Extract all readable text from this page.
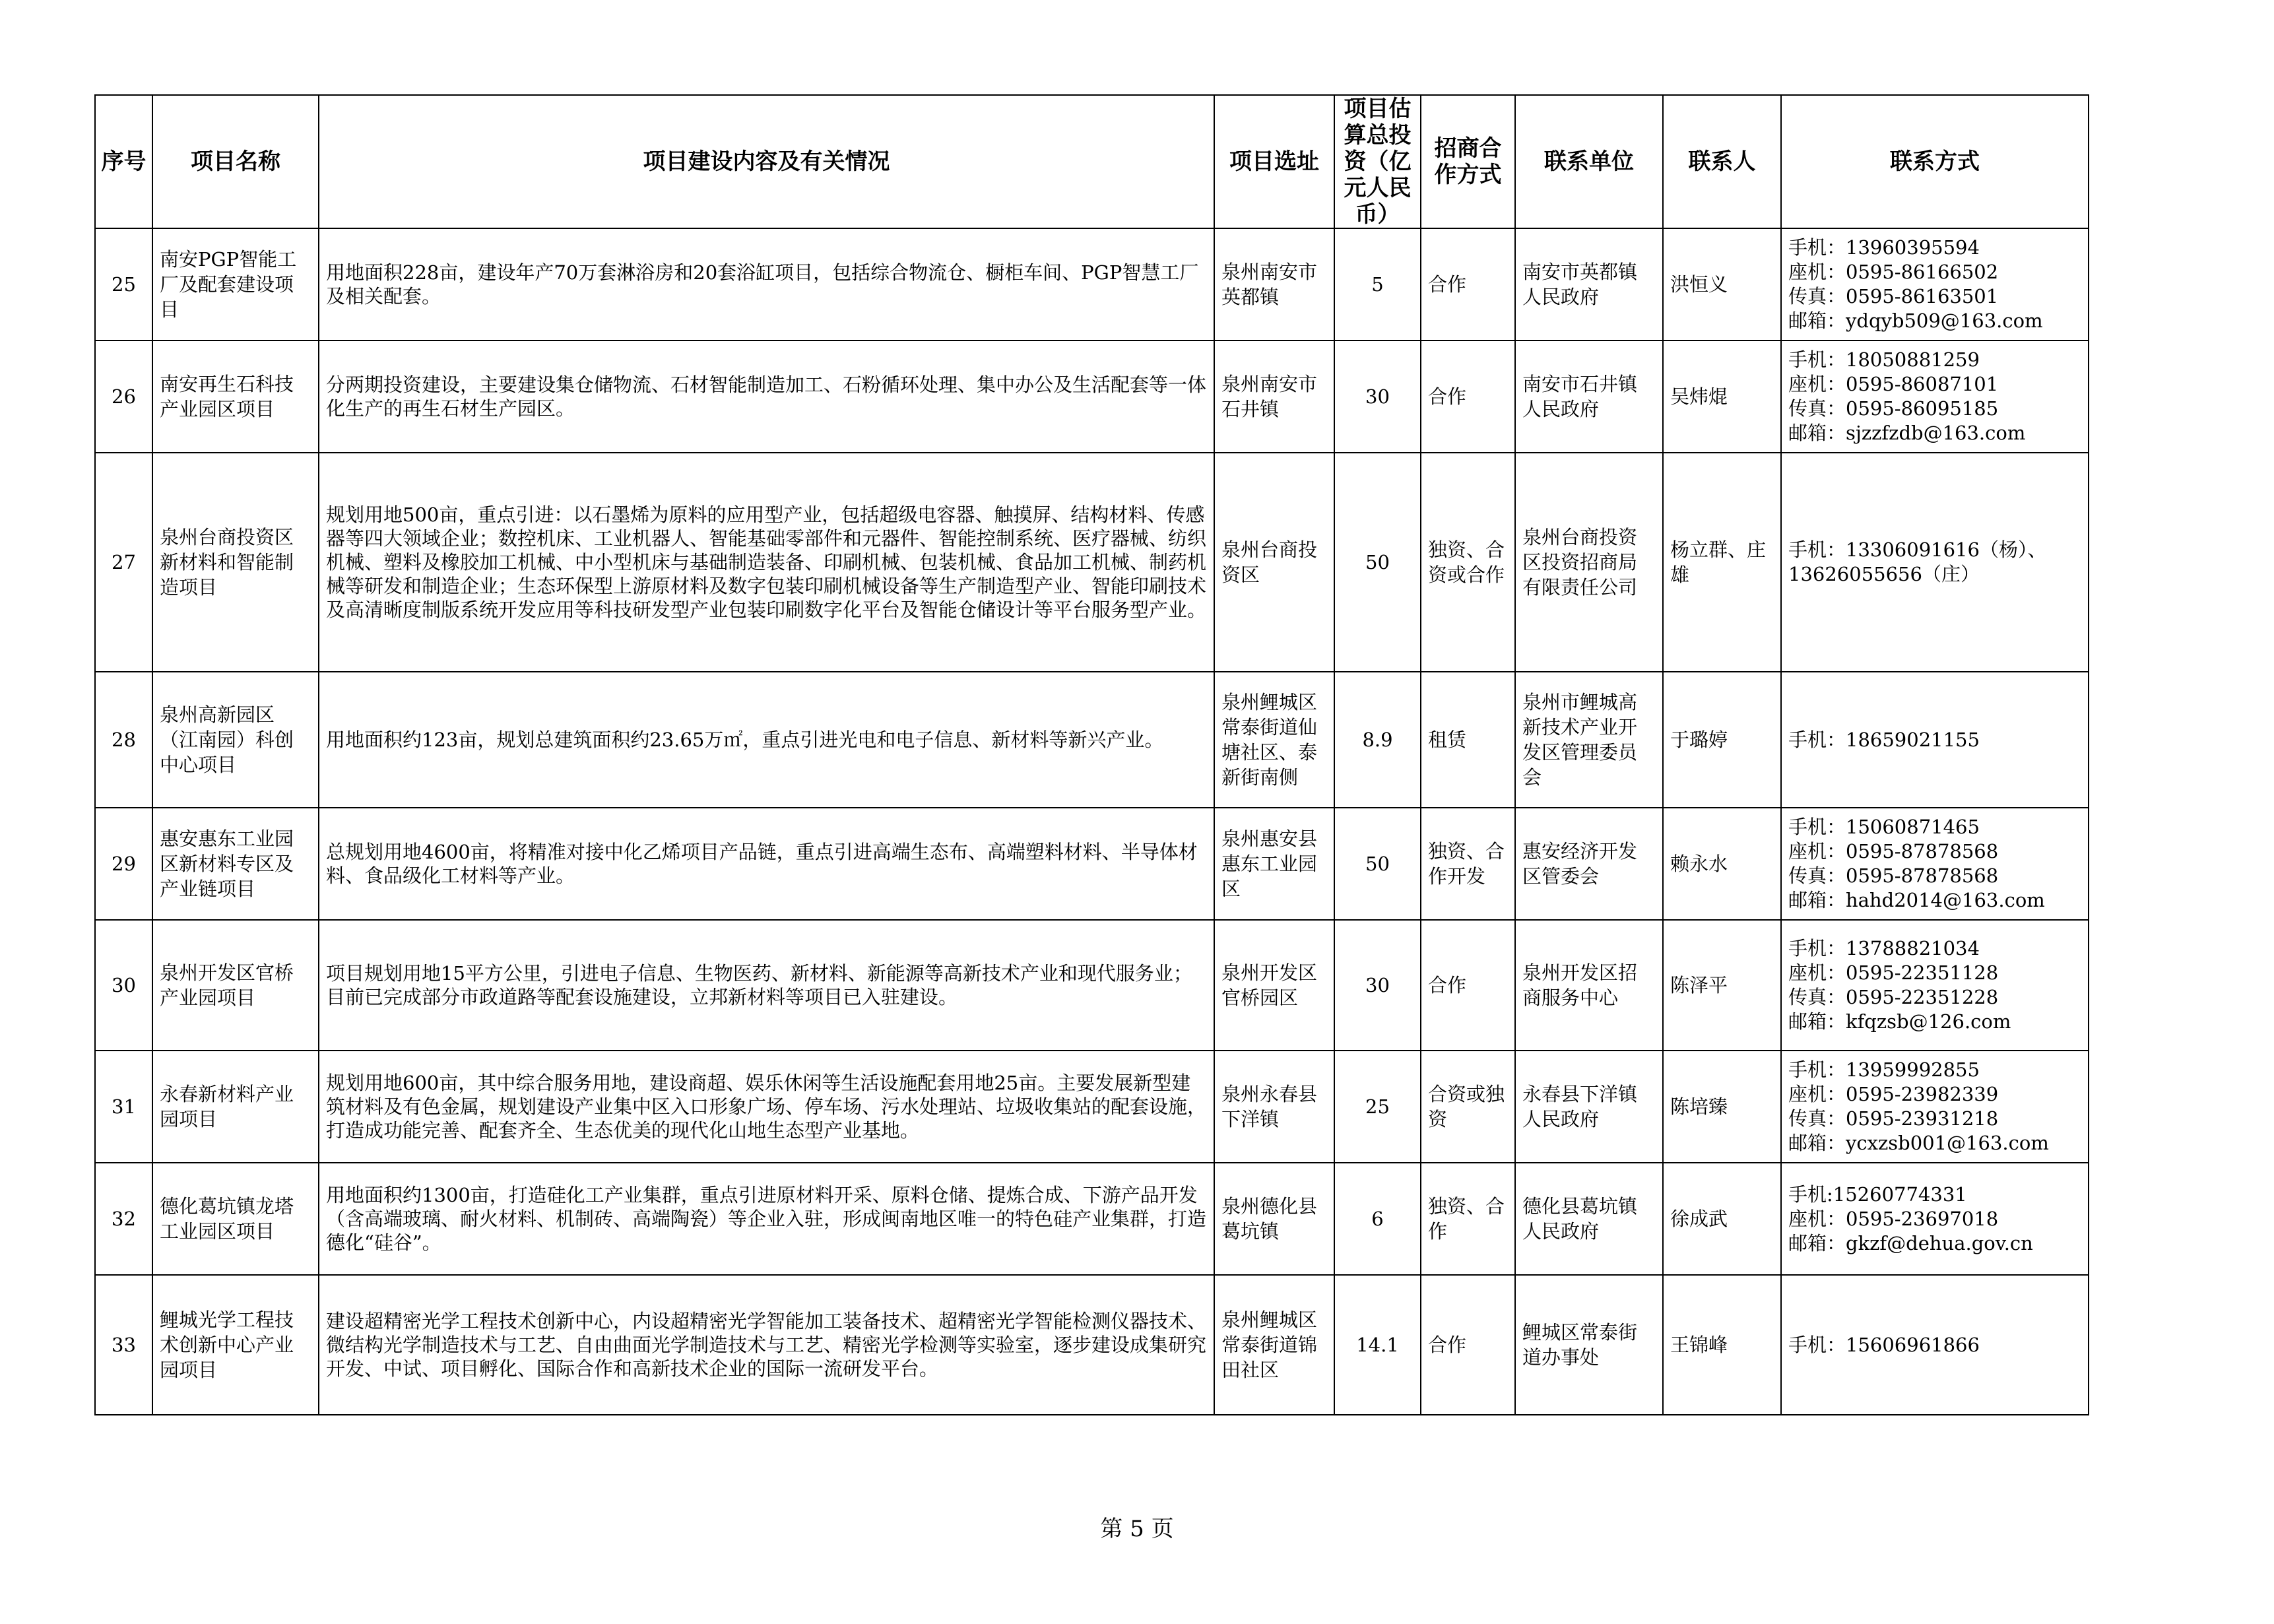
序号	项目名称	项目建设内容及有关情况	项目选址	项目估算总投资（亿元人民币）	招商合作方式	联系单位	联系人	联系方式
25	南安PGP智能工厂及配套建设项目	用地面积228亩，建设年产70万套淋浴房和20套浴缸项目，包括综合物流仓、橱柜车间、PGP智慧工厂及相关配套。	泉州南安市英都镇	5	合作	南安市英都镇人民政府	洪恒义	手机：13960395594
座机：0595-86166502
传真：0595-86163501
邮箱：ydqyb509@163.com

26	南安再生石科技产业园区项目	分两期投资建设，主要建设集仓储物流、石材智能制造加工、石粉循环处理、集中办公及生活配套等一体化生产的再生石材生产园区。	泉州南安市石井镇	30	合作	南安市石井镇人民政府	吴炜焜	手机：18050881259
座机：0595-86087101
传真：0595-86095185
邮箱：sjzzfzdb@163.com

27	泉州台商投资区新材料和智能制造项目	规划用地500亩，重点引进：以石墨烯为原料的应用型产业，包括超级电容器、触摸屏、结构材料、传感器等四大领域企业；数控机床、工业机器人、智能基础零部件和元器件、智能控制系统、医疗器械、纺织机械、塑料及橡胶加工机械、中小型机床与基础制造装备、印刷机械、包装机械、食品加工机械、制药机械等研发和制造企业；生态环保型上游原材料及数字包装印刷机械设备等生产制造型产业、智能印刷技术及高清晰度制版系统开发应用等科技研发型产业包装印刷数字化平台及智能仓储设计等平台服务型产业。	泉州台商投资区	50	独资、合资或合作	泉州台商投资区投资招商局有限责任公司	杨立群、庄雄	手机：13306091616（杨）、
13626055656（庄）

28	泉州高新园区（江南园）科创中心项目	用地面积约123亩，规划总建筑面积约23.65万㎡，重点引进光电和电子信息、新材料等新兴产业。	泉州鲤城区常泰街道仙塘社区、泰新街南侧	8.9	租赁	泉州市鲤城高新技术产业开发区管理委员会	于璐婷	手机：18659021155

29	惠安惠东工业园区新材料专区及产业链项目	总规划用地4600亩，将精准对接中化乙烯项目产品链，重点引进高端生态布、高端塑料材料、半导体材料、食品级化工材料等产业。	泉州惠安县惠东工业园区	50	独资、合作开发	惠安经济开发区管委会	赖永水	手机：15060871465
座机：0595-87878568
传真：0595-87878568
邮箱：hahd2014@163.com

30	泉州开发区官桥产业园项目	项目规划用地15平方公里，引进电子信息、生物医药、新材料、新能源等高新技术产业和现代服务业；目前已完成部分市政道路等配套设施建设，立邦新材料等项目已入驻建设。	泉州开发区官桥园区	30	合作	泉州开发区招商服务中心	陈泽平	手机：13788821034
座机：0595-22351128
传真：0595-22351228
邮箱：kfqzsb@126.com

31	永春新材料产业园项目	规划用地600亩，其中综合服务用地，建设商超、娱乐休闲等生活设施配套用地25亩。主要发展新型建筑材料及有色金属，规划建设产业集中区入口形象广场、停车场、污水处理站、垃圾收集站的配套设施，打造成功能完善、配套齐全、生态优美的现代化山地生态型产业基地。	泉州永春县下洋镇	25	合资或独资	永春县下洋镇人民政府	陈培臻	手机：13959992855
座机：0595-23982339
传真：0595-23931218
邮箱：ycxzsb001@163.com

32	德化葛坑镇龙塔工业园区项目	用地面积约1300亩，打造硅化工产业集群，重点引进原材料开采、原料仓储、提炼合成、下游产品开发（含高端玻璃、耐火材料、机制砖、高端陶瓷）等企业入驻，形成闽南地区唯一的特色硅产业集群，打造德化“硅谷”。	泉州德化县葛坑镇	6	独资、合作	德化县葛坑镇人民政府	徐成武	手机:15260774331
座机：0595-23697018
邮箱：gkzf@dehua.gov.cn

33	鲤城光学工程技术创新中心产业园项目	建设超精密光学工程技术创新中心，内设超精密光学智能加工装备技术、超精密光学智能检测仪器技术、微结构光学制造技术与工艺、自由曲面光学制造技术与工艺、精密光学检测等实验室，逐步建设成集研究开发、中试、项目孵化、国际合作和高新技术企业的国际一流研发平台。	泉州鲤城区常泰街道锦田社区	14.1	合作	鲤城区常泰街道办事处	王锦峰	手机：15606961866
第 5 页
